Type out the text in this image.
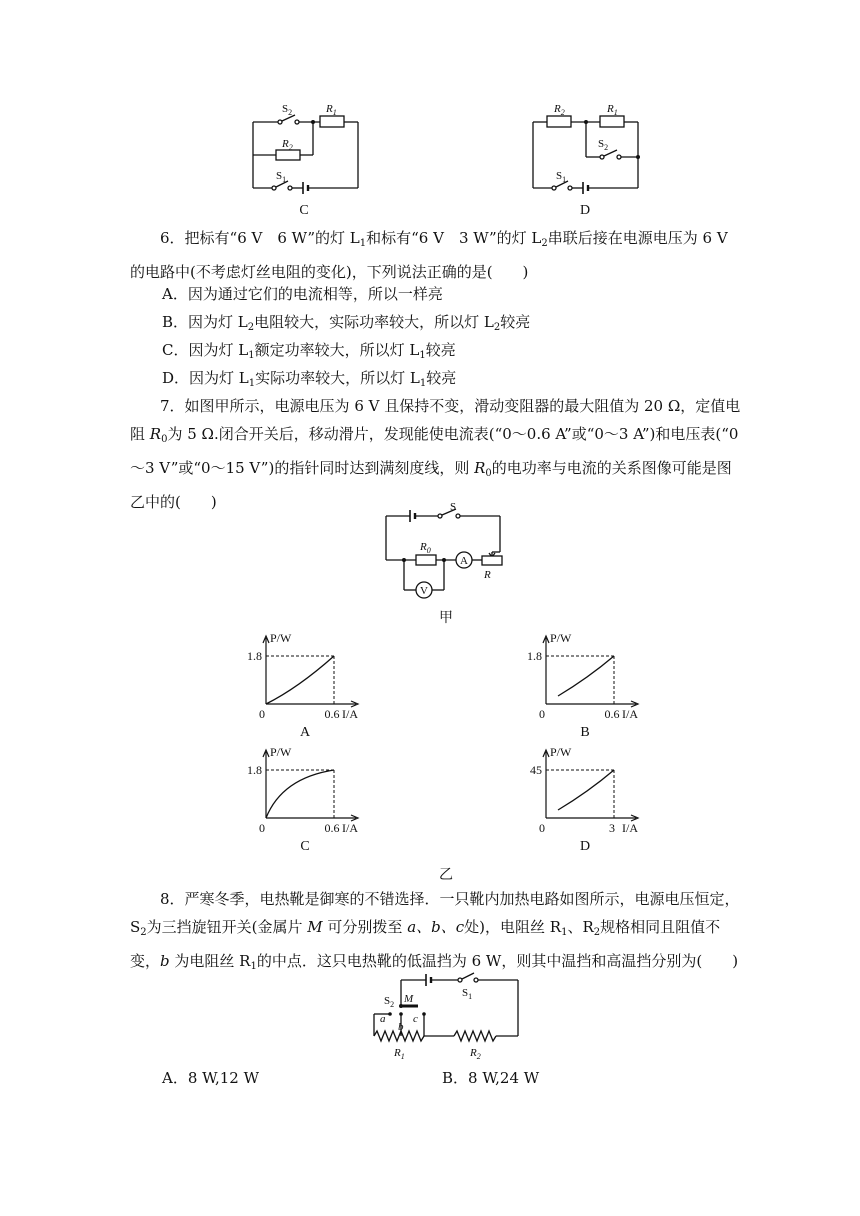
$S_2$	$R_1$
$R_2$
$S_1$
C
$R_2$	$R_1$
$S_2$
$S_1$
D

6．把标有“6 V　6 W”的灯 $L_1$和标有“6 V　3 W”的灯 $L_2$串联后接在电源电压为 6 V 的电路中(不考虑灯丝电阻的变化)，下列说法正确的是(　　)

A．因为通过它们的电流相等，所以一样亮

B．因为灯 $L_2$电阻较大，实际功率较大，所以灯 $L_2$较亮

C．因为灯 $L_1$额定功率较大，所以灯 $L_1$较亮

D．因为灯 $L_1$实际功率较大，所以灯 $L_1$较亮

7．如图甲所示，电源电压为 6 V 且保持不变，滑动变阻器的最大阻值为 20 Ω，定值电阻 $R_0$为 5 Ω.闭合开关后，移动滑片，发现能使电流表(“0～0.6 A”或“0～3 A”)和电压表(“0～3 V”或“0～15 V”)的指针同时达到满刻度线，则 $R_0$的电功率与电流的关系图像可能是图乙中的(　　)	S
$R_0$
A
V
R
甲
P/W
1.8
0	0.6 I/A
A
P/W
1.8
0	0.6 I/A
B
P/W
1.8
0	0.6 I/A
C
P/W
45
0	3 I/A
D
乙

8．严寒冬季，电热靴是御寒的不错选择．一只靴内加热电路如图所示，电源电压恒定，$S_2$为三挡旋钮开关(金属片 M 可分别拨至 a、b、c处)，电阻丝 $R_1$、$R_2$规格相同且阻值不变，b 为电阻丝 $R_1$的中点．这只电热靴的低温挡为 6 W，则其中温挡和高温挡分别为(　　)

$S_2$ M
a
b
c
$S_1$
$R_1$	$R_2$

A．8 W,12 W	B．8 W,24 W
